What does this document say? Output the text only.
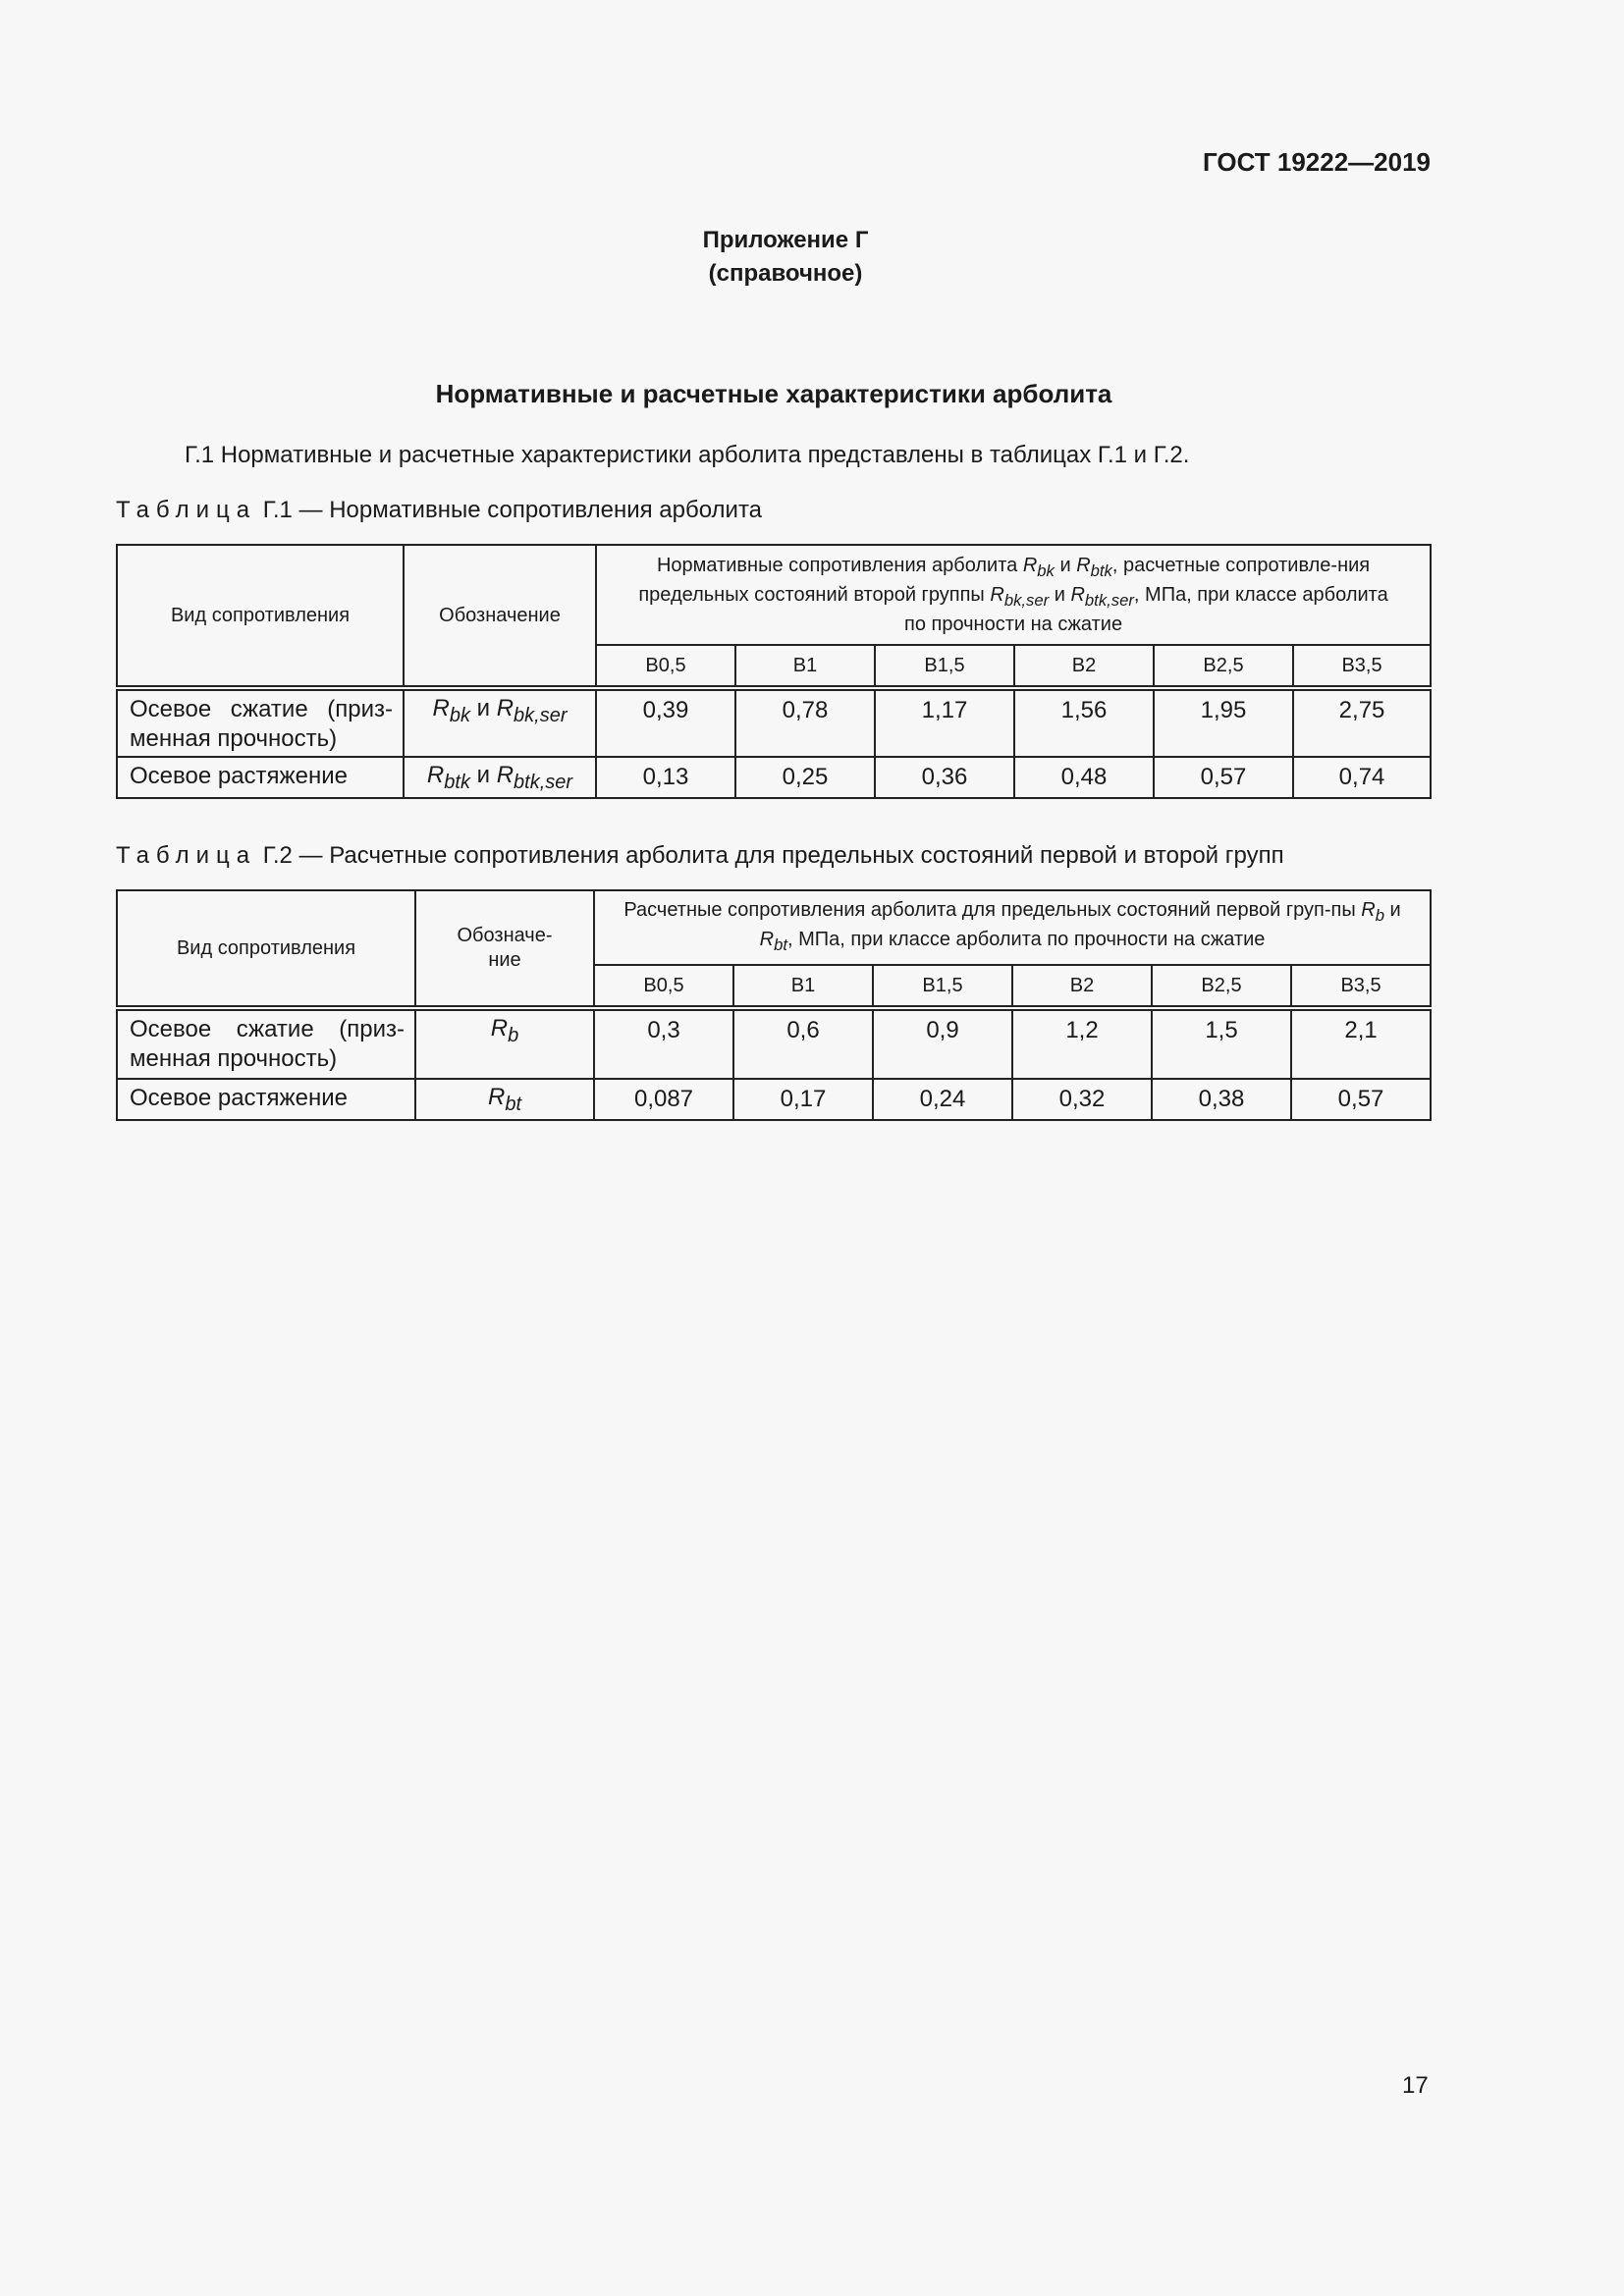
ГОСТ 19222—2019
Приложение Г
(справочное)
Нормативные и расчетные характеристики арболита
Г.1 Нормативные и расчетные характеристики арболита представлены в таблицах Г.1 и Г.2.
Таблица Г.1 — Нормативные сопротивления арболита
Вид сопротивления	Обозначение	Нормативные сопротивления арболита $R_{bk}$ и $R_{btk}$, расчетные сопротивле-ния предельных состояний второй группы $R_{bk,ser}$ и $R_{btk,ser}$, МПа, при классе арболита по прочности на сжатие					
		B0,5	B1	B1,5	B2	B2,5	B3,5
Осевое сжатие (приз-менная прочность)	$R_{bk}$ и $R_{bk,ser}$	0,39	0,78	1,17	1,56	1,95	2,75
Осевое растяжение	$R_{btk}$ и $R_{btk,ser}$	0,13	0,25	0,36	0,48	0,57	0,74
Таблица Г.2 — Расчетные сопротивления арболита для предельных состояний первой и второй групп
Вид сопротивления	Обозначе-ние	Расчетные сопротивления арболита для предельных состояний первой груп-пы $R_b$ и $R_{bt}$, МПа, при классе арболита по прочности на сжатие					
		B0,5	B1	B1,5	B2	B2,5	B3,5
Осевое сжатие (приз-менная прочность)	$R_b$	0,3	0,6	0,9	1,2	1,5	2,1
Осевое растяжение	$R_{bt}$	0,087	0,17	0,24	0,32	0,38	0,57
17
